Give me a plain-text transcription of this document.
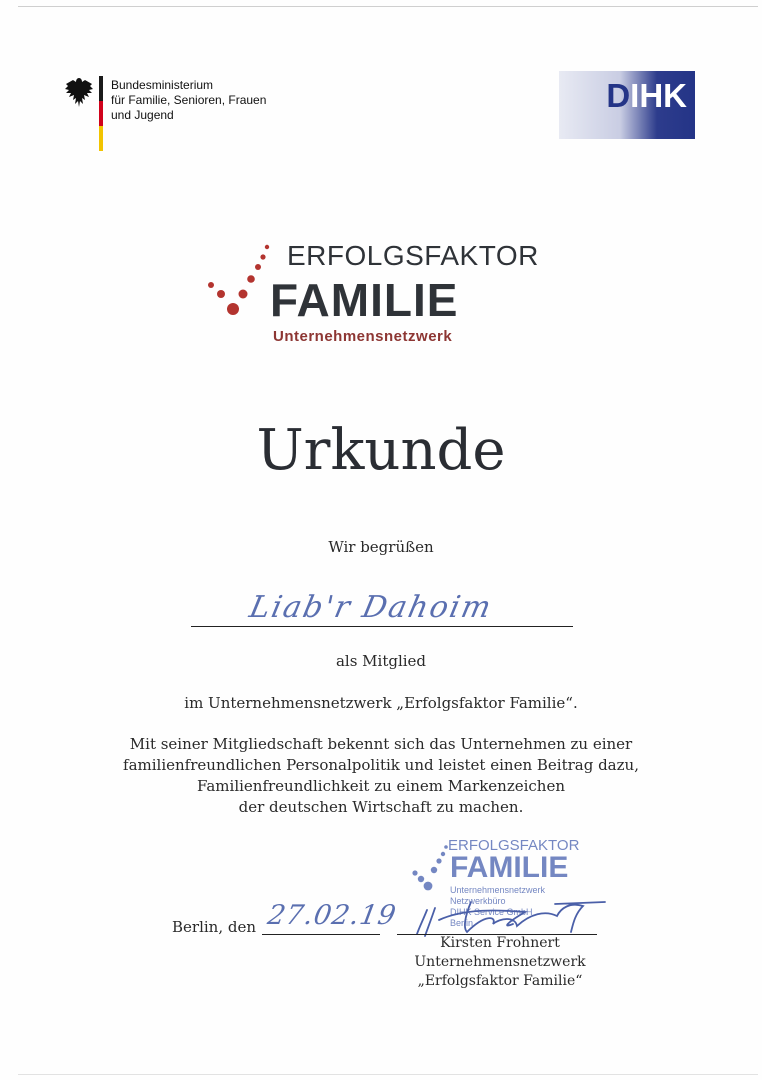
Bundesministerium
für Familie, Senioren, Frauen
und Jugend
DIHK
ERFOLGSFAKTOR
FAMILIE
Unternehmensnetzwerk
Urkunde
Wir begrüßen
Liab'r Dahoim
als Mitglied
im Unternehmensnetzwerk „Erfolgsfaktor Familie“.
Mit seiner Mitgliedschaft bekennt sich das Unternehmen zu einer
familienfreundlichen Personalpolitik und leistet einen Beitrag dazu,
Familienfreundlichkeit zu einem Markenzeichen
der deutschen Wirtschaft zu machen.
ERFOLGSFAKTOR
FAMILIE
Unternehmensnetzwerk
Netzwerkbüro
DIHK Service GmbH
Berlin
Berlin, den 27.02.19
Kirsten Frohnert
Unternehmensnetzwerk
„Erfolgsfaktor Familie“
